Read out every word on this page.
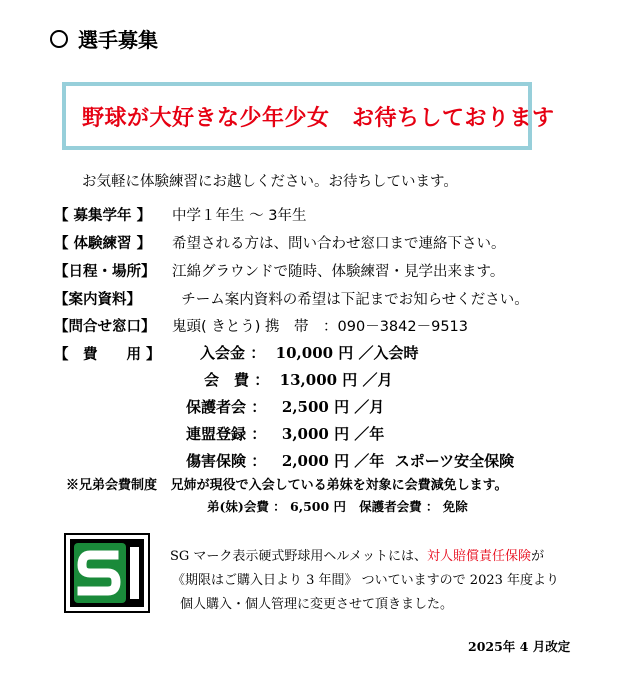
選手募集
野球が大好きな少年少女　お待ちしております
お気軽に体験練習にお越しください。お待ちしています。
【 募集学年 】 中学１年生 ～ 3年生
【 体験練習 】 希望される方は、問い合わせ窓口まで連絡下さい。
【日程・場所】 江綿グラウンドで随時、体験練習・見学出来ます。
【案内資料】  チーム案内資料の希望は下記までお知らせください。
【問合せ窓口】 鬼頭( きとう) 携　帯　：090－3842－9513
【　費　　用 】	入会金 ：  10,000 円 ／入会時
会　費 ：  13,000 円 ／月
保護者会 ：   2,500 円 ／月
連盟登録 ：   3,000 円 ／年
傷害保険 ：   2,000 円 ／年  スポーツ安全保険
※兄弟会費制度   兄姉が現役で入会している弟妹を対象に会費減免します。
弟(妹)会費 ： 6,500 円   保護者会費 ： 免除
SG マーク表示硬式野球用ヘルメットには、対人賠償責任保険が
《期限はご購入日より 3 年間》 ついていますので 2023 年度より
個人購入・個人管理に変更させて頂きました。
2025年 4 月改定
